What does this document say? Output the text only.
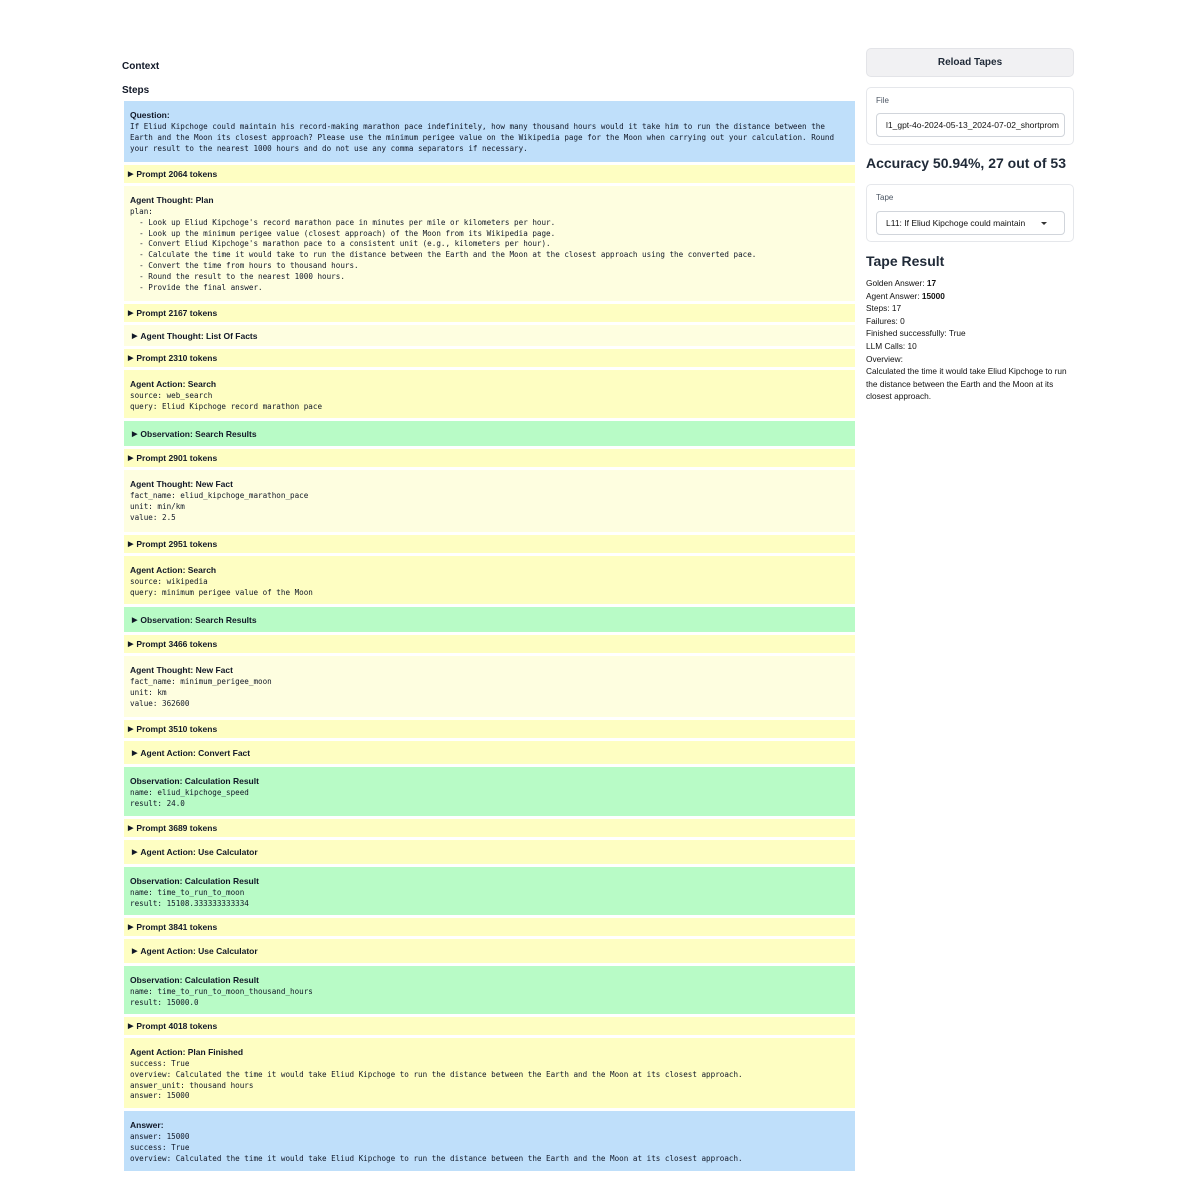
Context
Steps
Question:
If Eliud Kipchoge could maintain his record-making marathon pace indefinitely, how many thousand hours would it take him to run the distance between the Earth and the Moon its closest approach? Please use the minimum perigee value on the Wikipedia page for the Moon when carrying out your calculation. Round your result to the nearest 1000 hours and do not use any comma separators if necessary.
▶ Prompt 2064 tokens
Agent Thought: Plan
plan:
- Look up Eliud Kipchoge's record marathon pace in minutes per mile or kilometers per hour.
- Look up the minimum perigee value (closest approach) of the Moon from its Wikipedia page.
- Convert Eliud Kipchoge's marathon pace to a consistent unit (e.g., kilometers per hour).
- Calculate the time it would take to run the distance between the Earth and the Moon at the closest approach using the converted pace.
- Convert the time from hours to thousand hours.
- Round the result to the nearest 1000 hours.
- Provide the final answer.
▶ Prompt 2167 tokens
▶ Agent Thought: List Of Facts
▶ Prompt 2310 tokens
Agent Action: Search
source: web_search
query: Eliud Kipchoge record marathon pace
▶ Observation: Search Results
▶ Prompt 2901 tokens
Agent Thought: New Fact
fact_name: eliud_kipchoge_marathon_pace
unit: min/km
value: 2.5
▶ Prompt 2951 tokens
Agent Action: Search
source: wikipedia
query: minimum perigee value of the Moon
▶ Observation: Search Results
▶ Prompt 3466 tokens
Agent Thought: New Fact
fact_name: minimum_perigee_moon
unit: km
value: 362600
▶ Prompt 3510 tokens
▶ Agent Action: Convert Fact
Observation: Calculation Result
name: eliud_kipchoge_speed
result: 24.0
▶ Prompt 3689 tokens
▶ Agent Action: Use Calculator
Observation: Calculation Result
name: time_to_run_to_moon
result: 15108.333333333334
▶ Prompt 3841 tokens
▶ Agent Action: Use Calculator
Observation: Calculation Result
name: time_to_run_to_moon_thousand_hours
result: 15000.0
▶ Prompt 4018 tokens
Agent Action: Plan Finished
success: True
overview: Calculated the time it would take Eliud Kipchoge to run the distance between the Earth and the Moon at its closest approach.
answer_unit: thousand hours
answer: 15000
Answer:
answer: 15000
success: True
overview: Calculated the time it would take Eliud Kipchoge to run the distance between the Earth and the Moon at its closest approach.
Reload Tapes
File
l1_gpt-4o-2024-05-13_2024-07-02_shortprom
Accuracy 50.94%, 27 out of 53
Tape
L11: If Eliud Kipchoge could maintain
Tape Result
Golden Answer: 17
Agent Answer: 15000
Steps: 17
Failures: 0
Finished successfully: True
LLM Calls: 10
Overview:
Calculated the time it would take Eliud Kipchoge to run the distance between the Earth and the Moon at its closest approach.
